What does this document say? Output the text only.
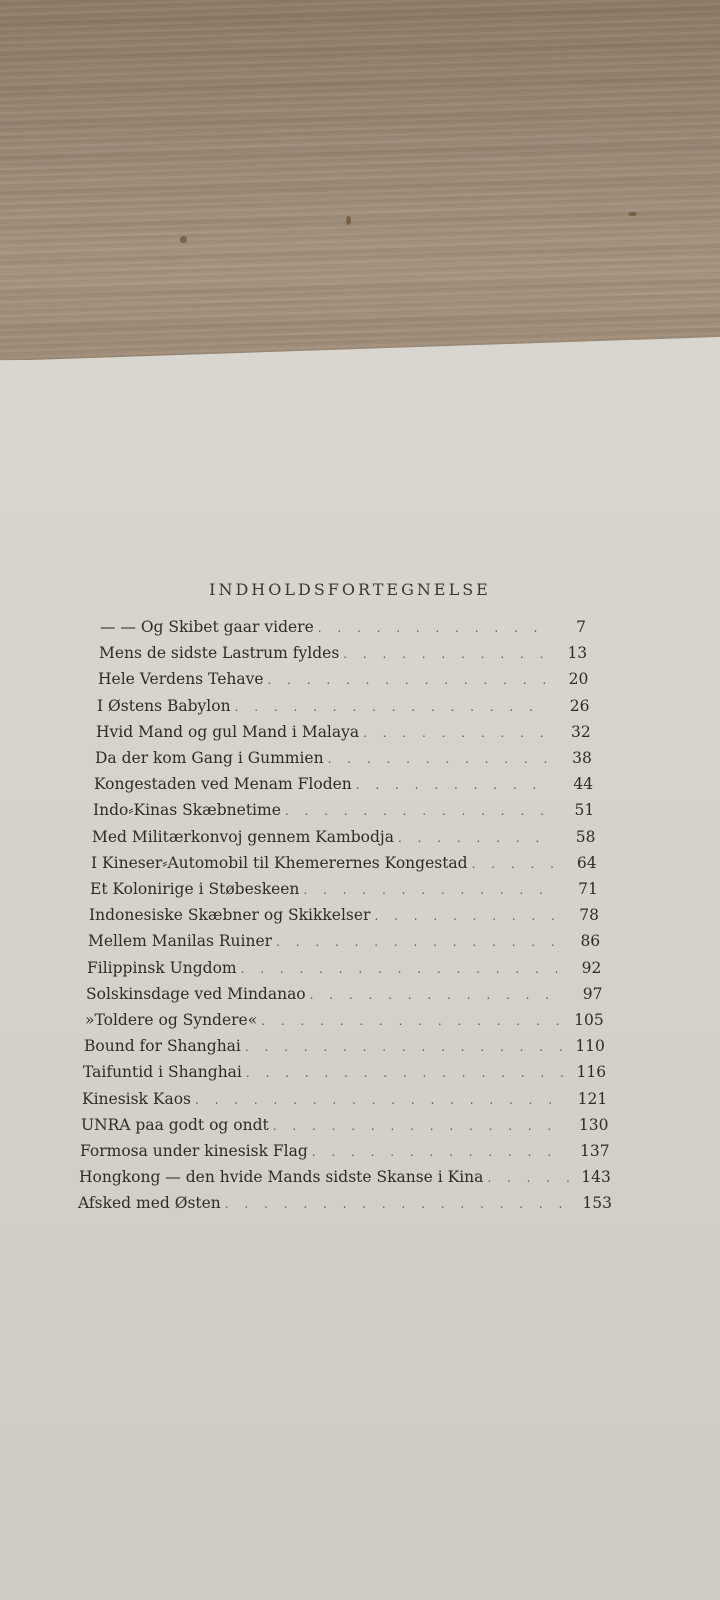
INDHOLDSFORTEGNELSE
— — Og Skibet gaar videre . . .	7
Mens de sidste Lastrum fyldes . . .	13
Hele Verdens Tehave . . .	20
I Østens Babylon . . .	26
Hvid Mand og gul Mand i Malaya . . .	32
Da der kom Gang i Gummien . . .	38
Kongestaden ved Menam Floden . . .	44
Indo⸗Kinas Skæbnetime . . .	51
Med Militærkonvoj gennem Kambodja . . .	58
I Kineser⸗Automobil til Khemerernes Kongestad . . .	64
Et Kolonirige i Støbeskeen . . .	71
Indonesiske Skæbner og Skikkelser . . .	78
Mellem Manilas Ruiner . . .	86
Filippinsk Ungdom . . .	92
Solskinsdage ved Mindanao . . .	97
»Toldere og Syndere« . . .	105
Bound for Shanghai . . .	110
Taifuntid i Shanghai . . .	116
Kinesisk Kaos . . .	121
UNRA paa godt og ondt . . .	130
Formosa under kinesisk Flag . . .	137
Hongkong — den hvide Mands sidste Skanse i Kina . . .	143
Afsked med Østen . . .	153
